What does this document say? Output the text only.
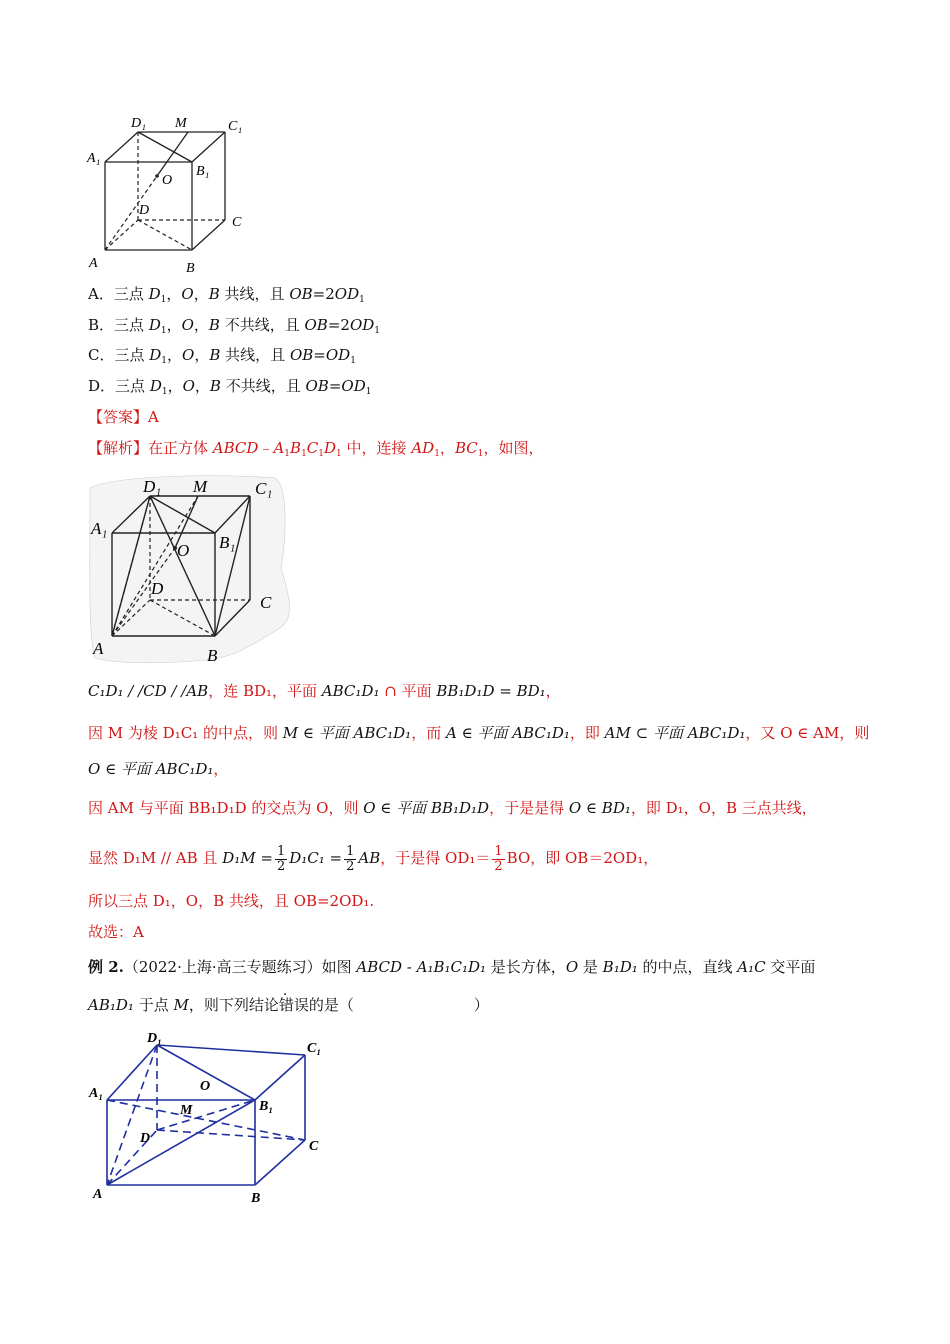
D₁ M	C₁
A₁
B₁
O
D
C
A	B
A．三点 $D_1$，O，B 共线，且 $OB=2OD_1$
B．三点 $D_1$，O，B 不共线，且 $OB=2OD_1$
C．三点 $D_1$，O，B 共线，且 $OB=OD_1$
D．三点 $D_1$，O，B 不共线，且 $OB=OD_1$
【答案】A
【解析】在正方体 $ABCD﹣A_1B_1C_1D_1$ 中，连接 $AD_1$，$BC_1$，如图，
D₁ M	C₁
A₁
B₁
O
D
C
A	B
C₁D₁ / /CD / /AB，连 BD₁，平面 ABC₁D₁ ∩ 平面 BB₁D₁D = BD₁，
因 M 为棱 D₁C₁ 的中点，则 M ∈ 平面 ABC₁D₁，而 A ∈ 平面 ABC₁D₁，即 AM ⊂ 平面 ABC₁D₁，又 O ∈ AM，则
O ∈ 平面 ABC₁D₁，
因 AM 与平面 BB₁D₁D 的交点为 O，则 O ∈ 平面 BB₁D₁D，于是是得 O ∈ BD₁，即 D₁，O，B 三点共线，
显然 D₁M // AB 且 $D_1M = \frac{1}{2} D_1C_1 = \frac{1}{2}$ AB，于是得 $OD_1= \frac{1}{2}$ BO，即 OB＝2OD₁，
所以三点 D₁，O，B 共线，且 OB=2OD₁.
故选：A
例 2.（2022·上海·高三专题练习）如图 ABCD - A₁B₁C₁D₁ 是长方体，O 是 B₁D₁ 的中点，直线 A₁C 交平面
AB₁D₁ 于点 M，则下列结论错误的是（	）
D₁
C₁
A₁	O
M	B₁
D
C
A	B
